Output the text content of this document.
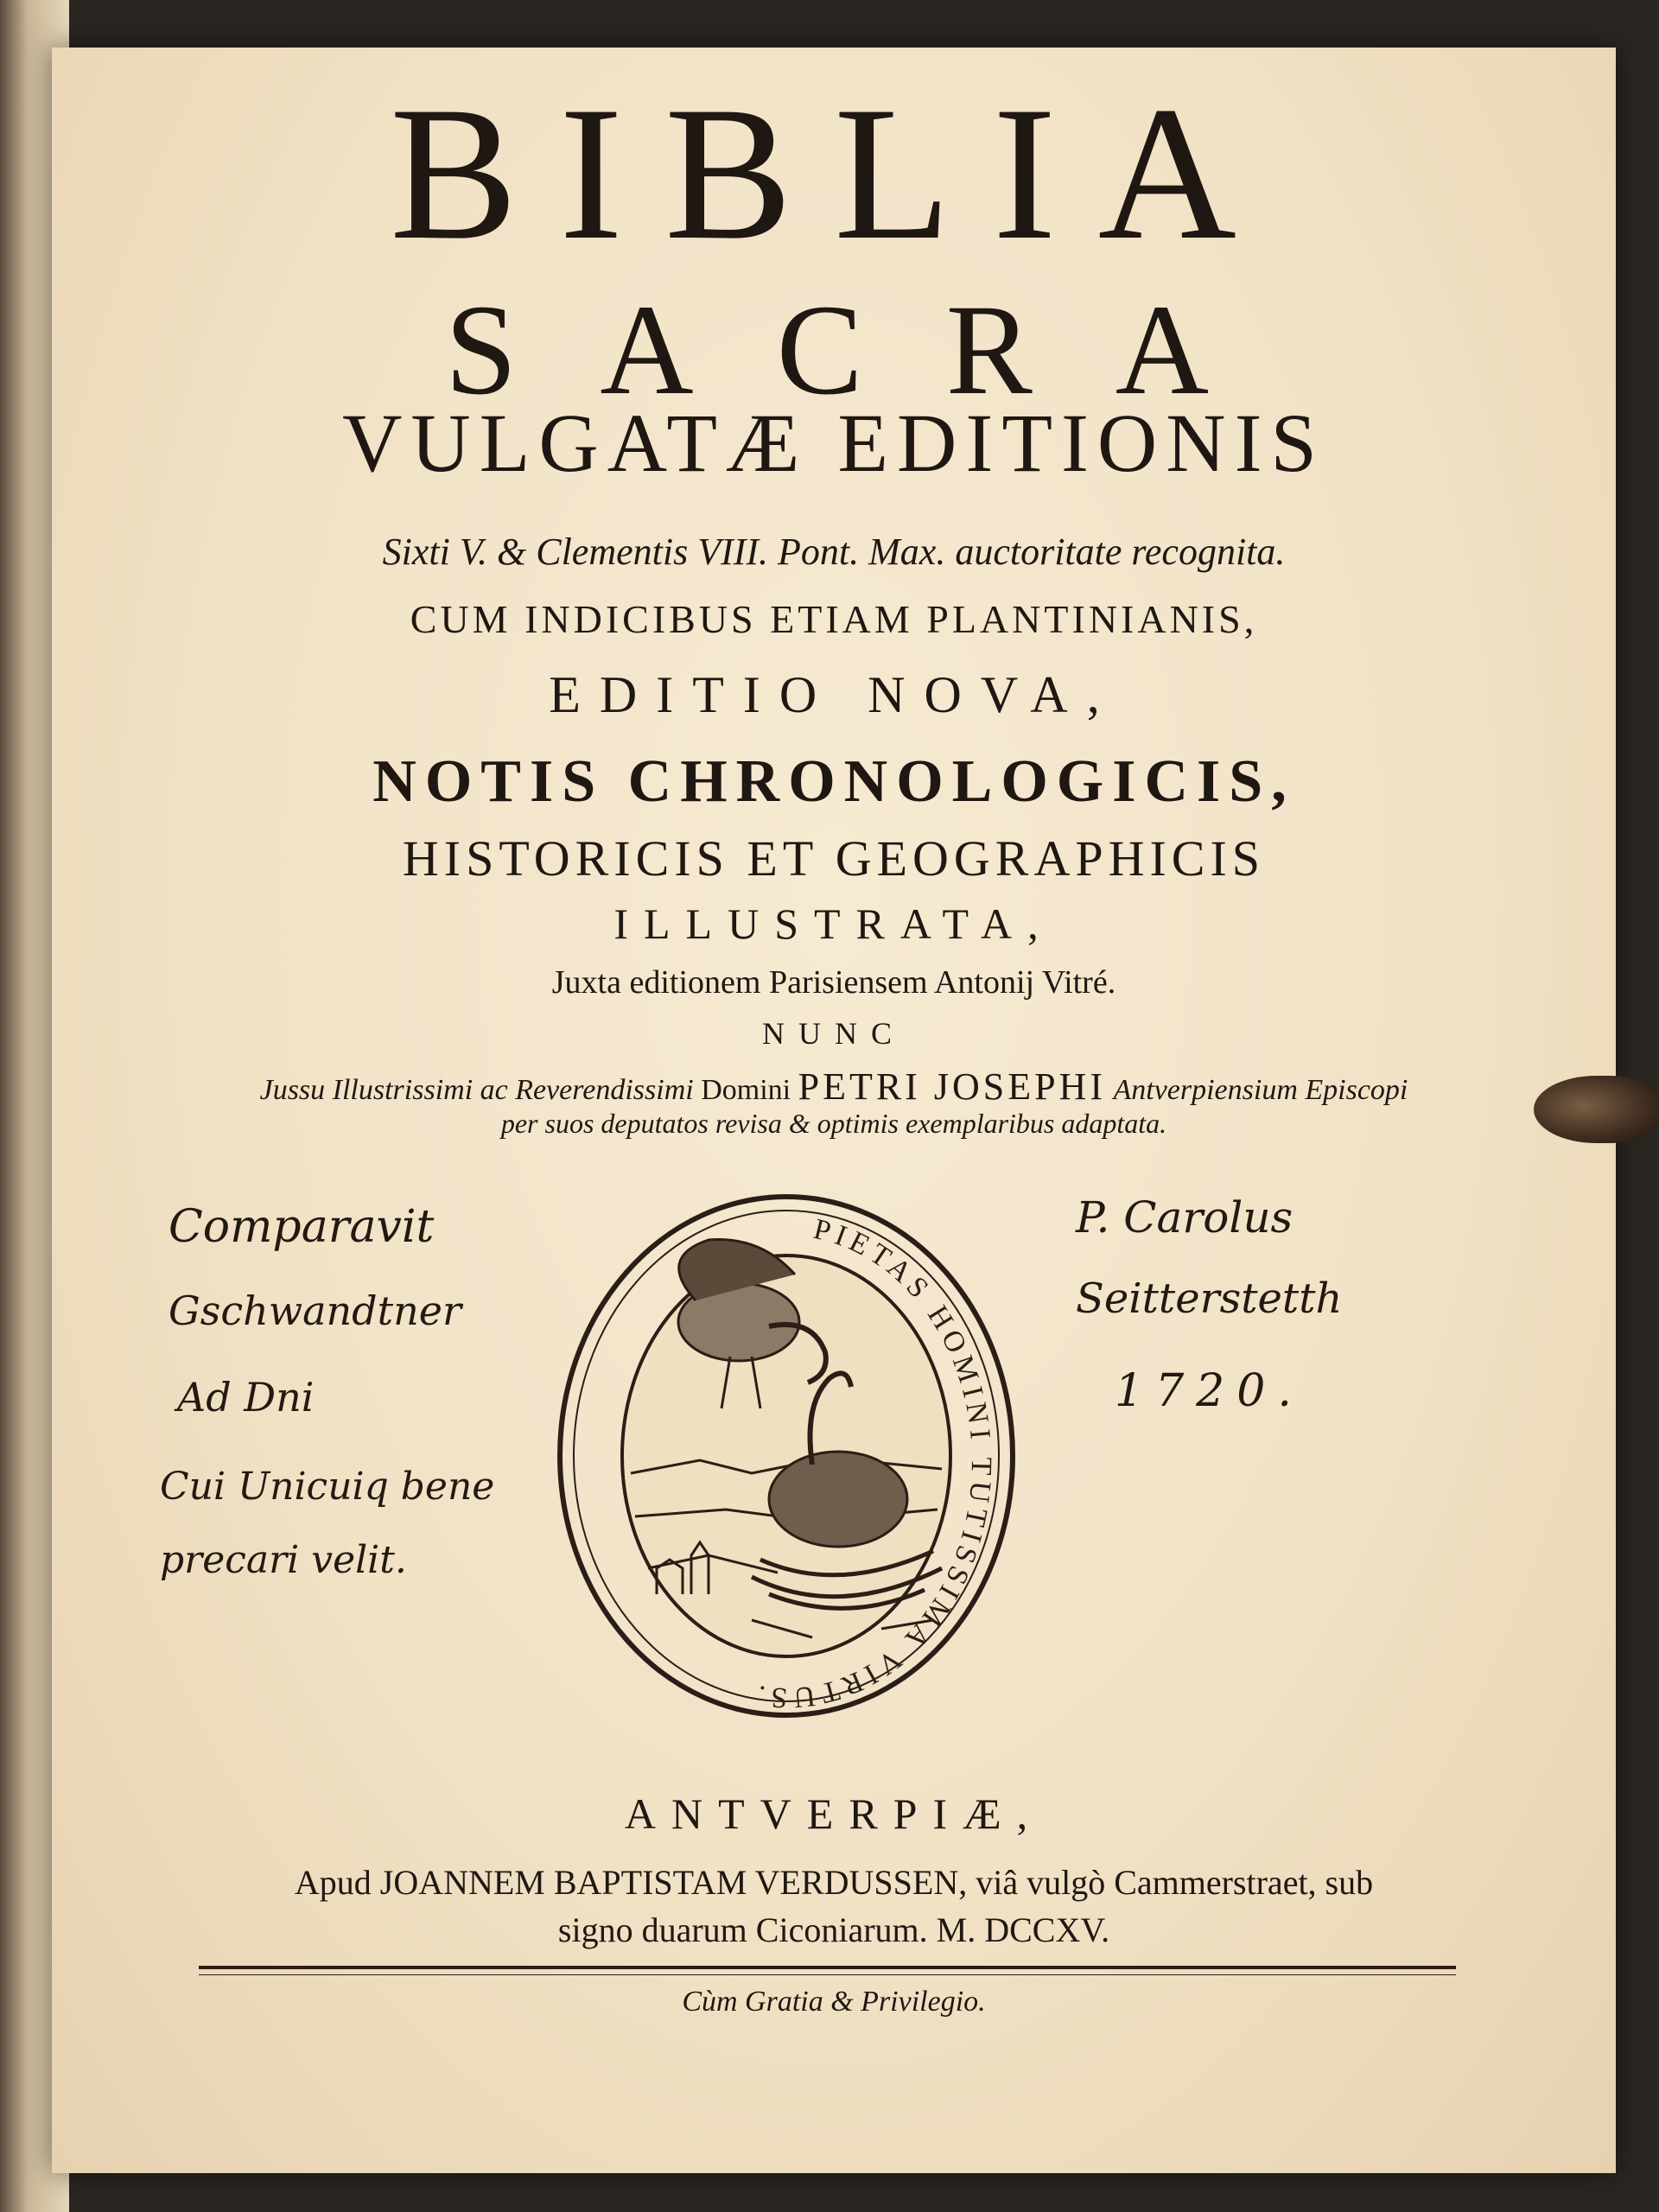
BIBLIA
SACRA
VULGATÆ EDITIONIS
Sixti V. & Clementis VIII. Pont. Max. auctoritate recognita.
CUM INDICIBUS ETIAM PLANTINIANIS,
EDITIO NOVA,
NOTIS CHRONOLOGICIS,
HISTORICIS ET GEOGRAPHICIS
ILLUSTRATA,
Juxta editionem Parisiensem Antonij Vitré.
NUNC
Jussu Illustrissimi ac Reverendissimi Domini PETRI JOSEPHI Antverpiensium Episcopi
per suos deputatos revisa & optimis exemplaribus adaptata.
Comparavit
Gschwandtner
Ad Dni
Cui Unicuiq bene
precari velit.
P. Carolus
Seitterstetth
1720.
PIETAS HOMINI TUTISSIMA VIRTUS.
ANTVERPIÆ,
Apud JOANNEM BAPTISTAM VERDUSSEN, viâ vulgò Cammerstraet, sub
signo duarum Ciconiarum. M. DCCXV.
Cùm Gratia & Privilegio.
